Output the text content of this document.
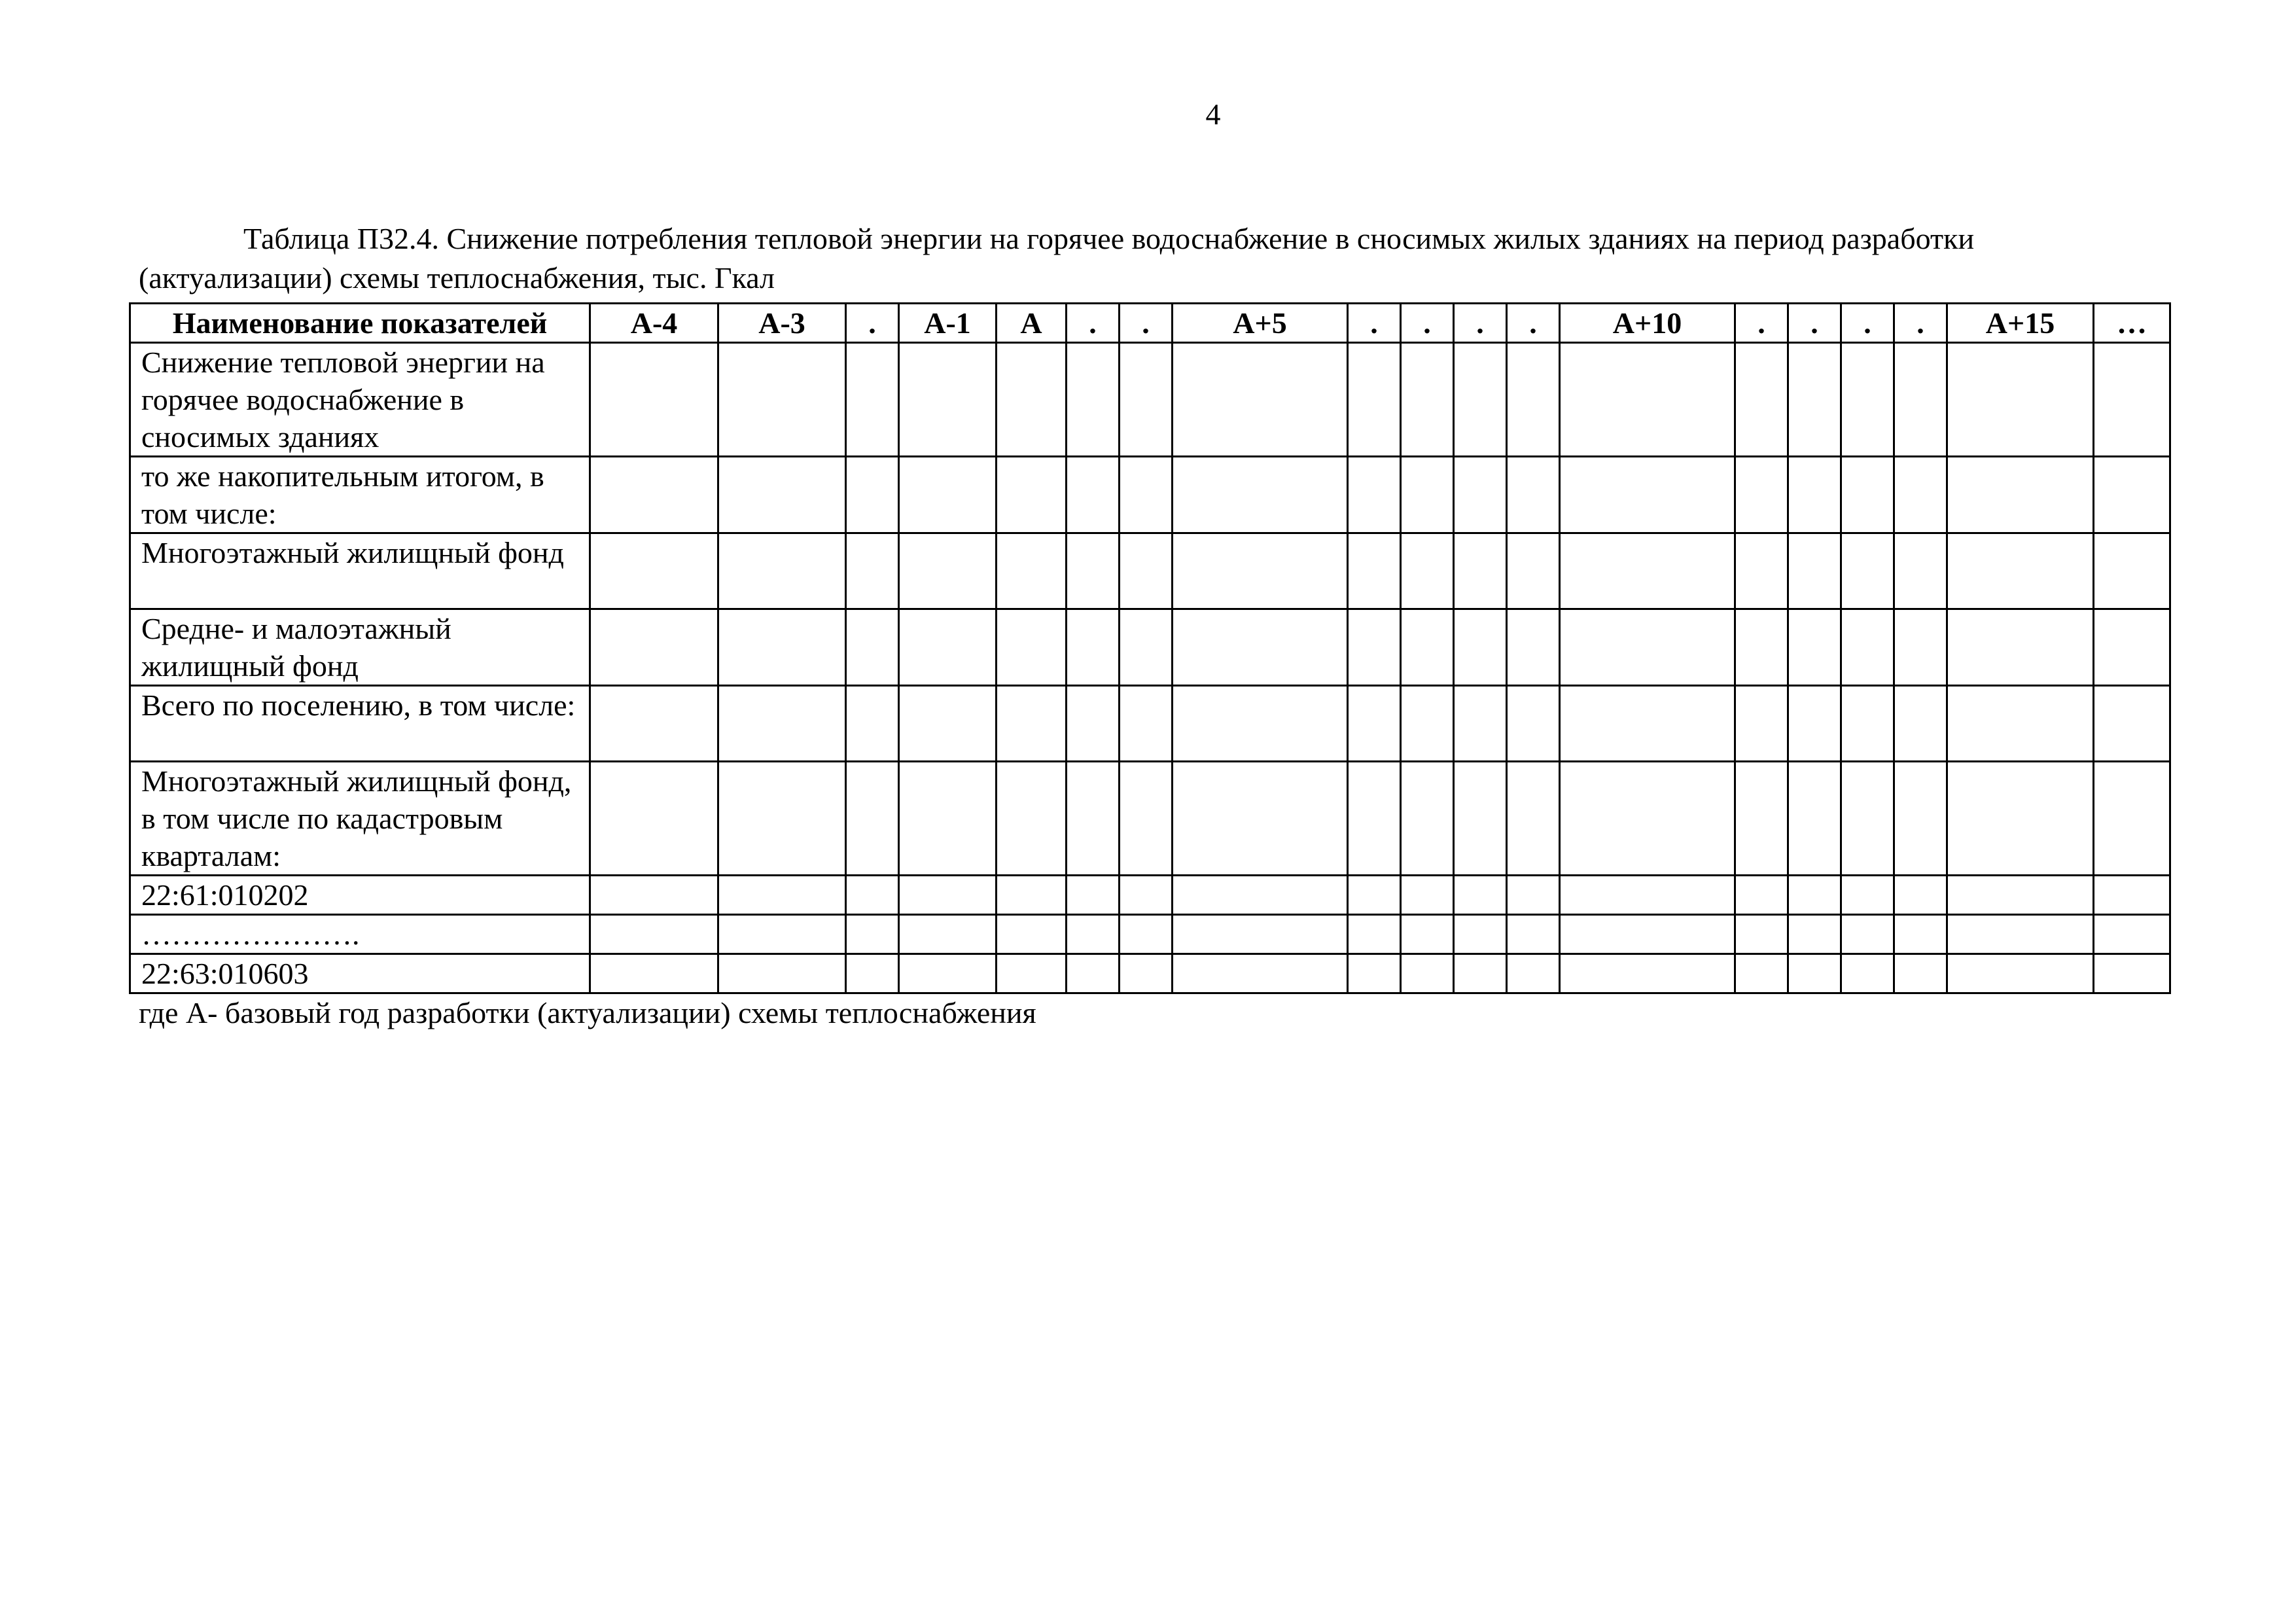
4
Таблица П32.4. Снижение потребления тепловой энергии на горячее водоснабжение в сносимых жилых зданиях на период разработки (актуализации) схемы теплоснабжения, тыс. Гкал
Наименование показателей	А-4	А-3	.	А-1	А	.	.	А+5	.	.	.	.	А+10	.	.	.	.	А+15	…
Снижение тепловой энергии на горячее водоснабжение в сносимых зданиях																			
то же накопительным итогом, в том числе:																			
Многоэтажный жилищный фонд																			
Средне- и малоэтажный жилищный фонд																			
Всего по поселению, в том числе:																			
Многоэтажный жилищный фонд, в том числе по кадастровым кварталам:																			
22:61:010202																			
………………….																			
22:63:010603																			
где А- базовый год разработки (актуализации) схемы теплоснабжения
